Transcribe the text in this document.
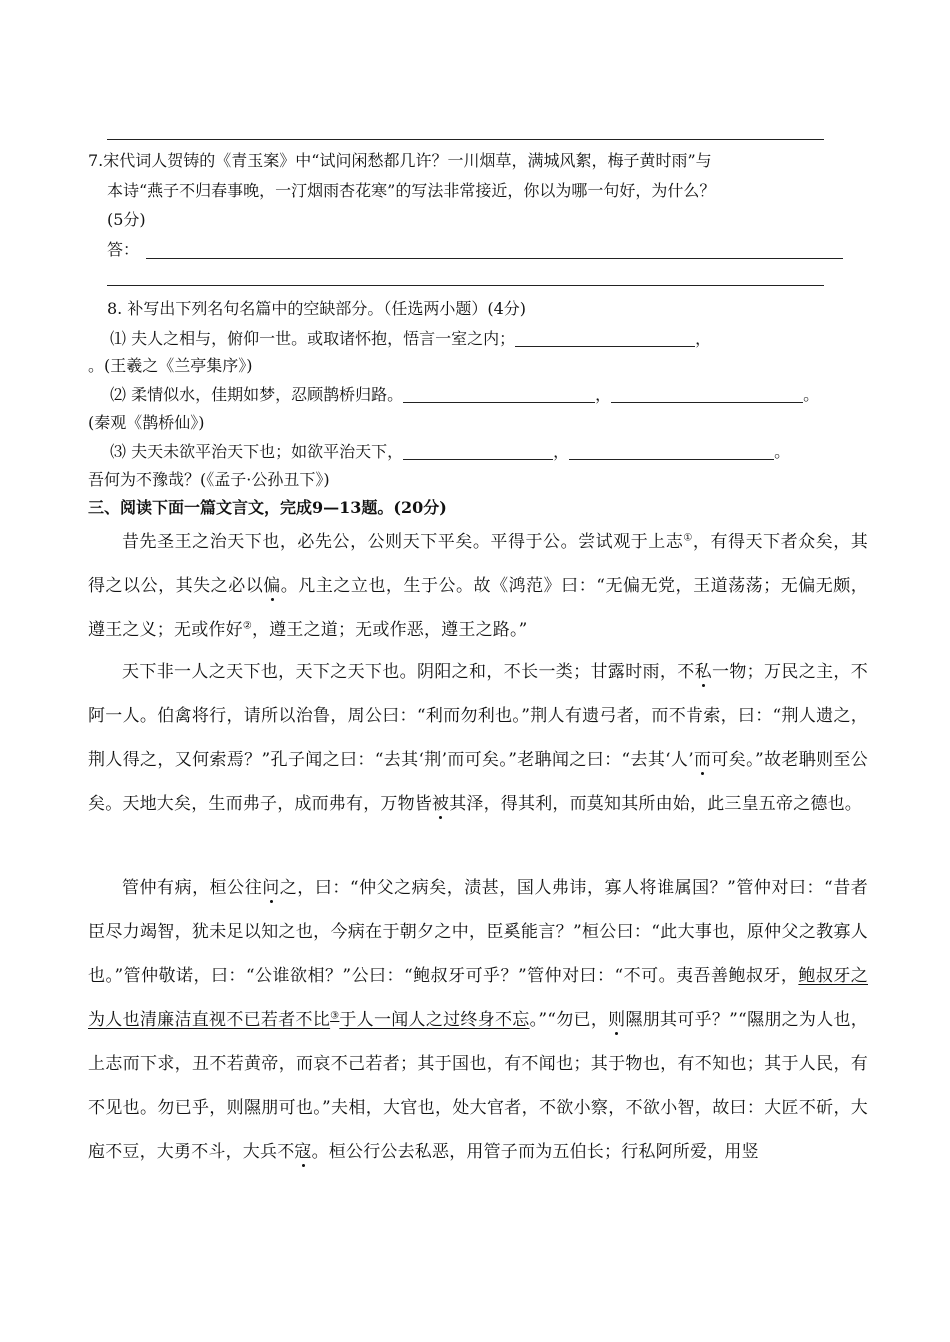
7.宋代词人贺铸的《青玉案》中“试问闲愁都几许？一川烟草，满城风絮，梅子黄时雨”与
本诗“燕子不归春事晚，一汀烟雨杏花寒”的写法非常接近，你以为哪一句好，为什么？
(5分)
答：
8. 补写出下列名句名篇中的空缺部分。（任选两小题）(4分)
⑴ 夫人之相与，俯仰一世。或取诸怀抱，悟言一室之内；	，
。(王羲之《兰亭集序》)
⑵ 柔情似水，佳期如梦，忍顾鹊桥归路。	，	。
(秦观《鹊桥仙》)
⑶ 夫天未欲平治天下也；如欲平治天下，	，	。
吾何为不豫哉？(《孟子·公孙丑下》)
三、阅读下面一篇文言文，完成9—13题。(20分)
昔先圣王之治天下也，必先公，公则天下平矣。平得于公。尝试观于上志①，有得天下者众矣，其得之以公，其失之必以偏。凡主之立也，生于公。故《鸿范》曰：“无偏无党，王道荡荡；无偏无颇，遵王之义；无或作好②，遵王之道；无或作恶，遵王之路。”
天下非一人之天下也，天下之天下也。阴阳之和，不长一类；甘露时雨，不私一物；万民之主，不阿一人。伯禽将行，请所以治鲁，周公曰：“利而勿利也。”荆人有遗弓者，而不肯索，曰：“荆人遗之，荆人得之，又何索焉？”孔子闻之曰：“去其‘荆’而可矣。”老聃闻之曰：“去其‘人’而可矣。”故老聃则至公矣。天地大矣，生而弗子，成而弗有，万物皆被其泽，得其利，而莫知其所由始，此三皇五帝之德也。
管仲有病，桓公往问之，曰：“仲父之病矣，渍甚，国人弗讳，寡人将谁属国？”管仲对曰：“昔者臣尽力竭智，犹未足以知之也，今病在于朝夕之中，臣奚能言？”桓公曰：“此大事也，原仲父之教寡人也。”管仲敬诺，曰：“公谁欲相？”公曰：“鲍叔牙可乎？”管仲对曰：“不可。夷吾善鲍叔牙，鲍叔牙之为人也清廉洁直视不已若者不比③于人一闻人之过终身不忘。”“勿已，则隰朋其可乎？”“隰朋之为人也，上志而下求，丑不若黄帝，而哀不己若者；其于国也，有不闻也；其于物也，有不知也；其于人民，有不见也。勿已乎，则隰朋可也。”夫相，大官也，处大官者，不欲小察，不欲小智，故曰：大匠不斫，大庖不豆，大勇不斗，大兵不寇。桓公行公去私恶，用管子而为五伯长；行私阿所爱，用竖
